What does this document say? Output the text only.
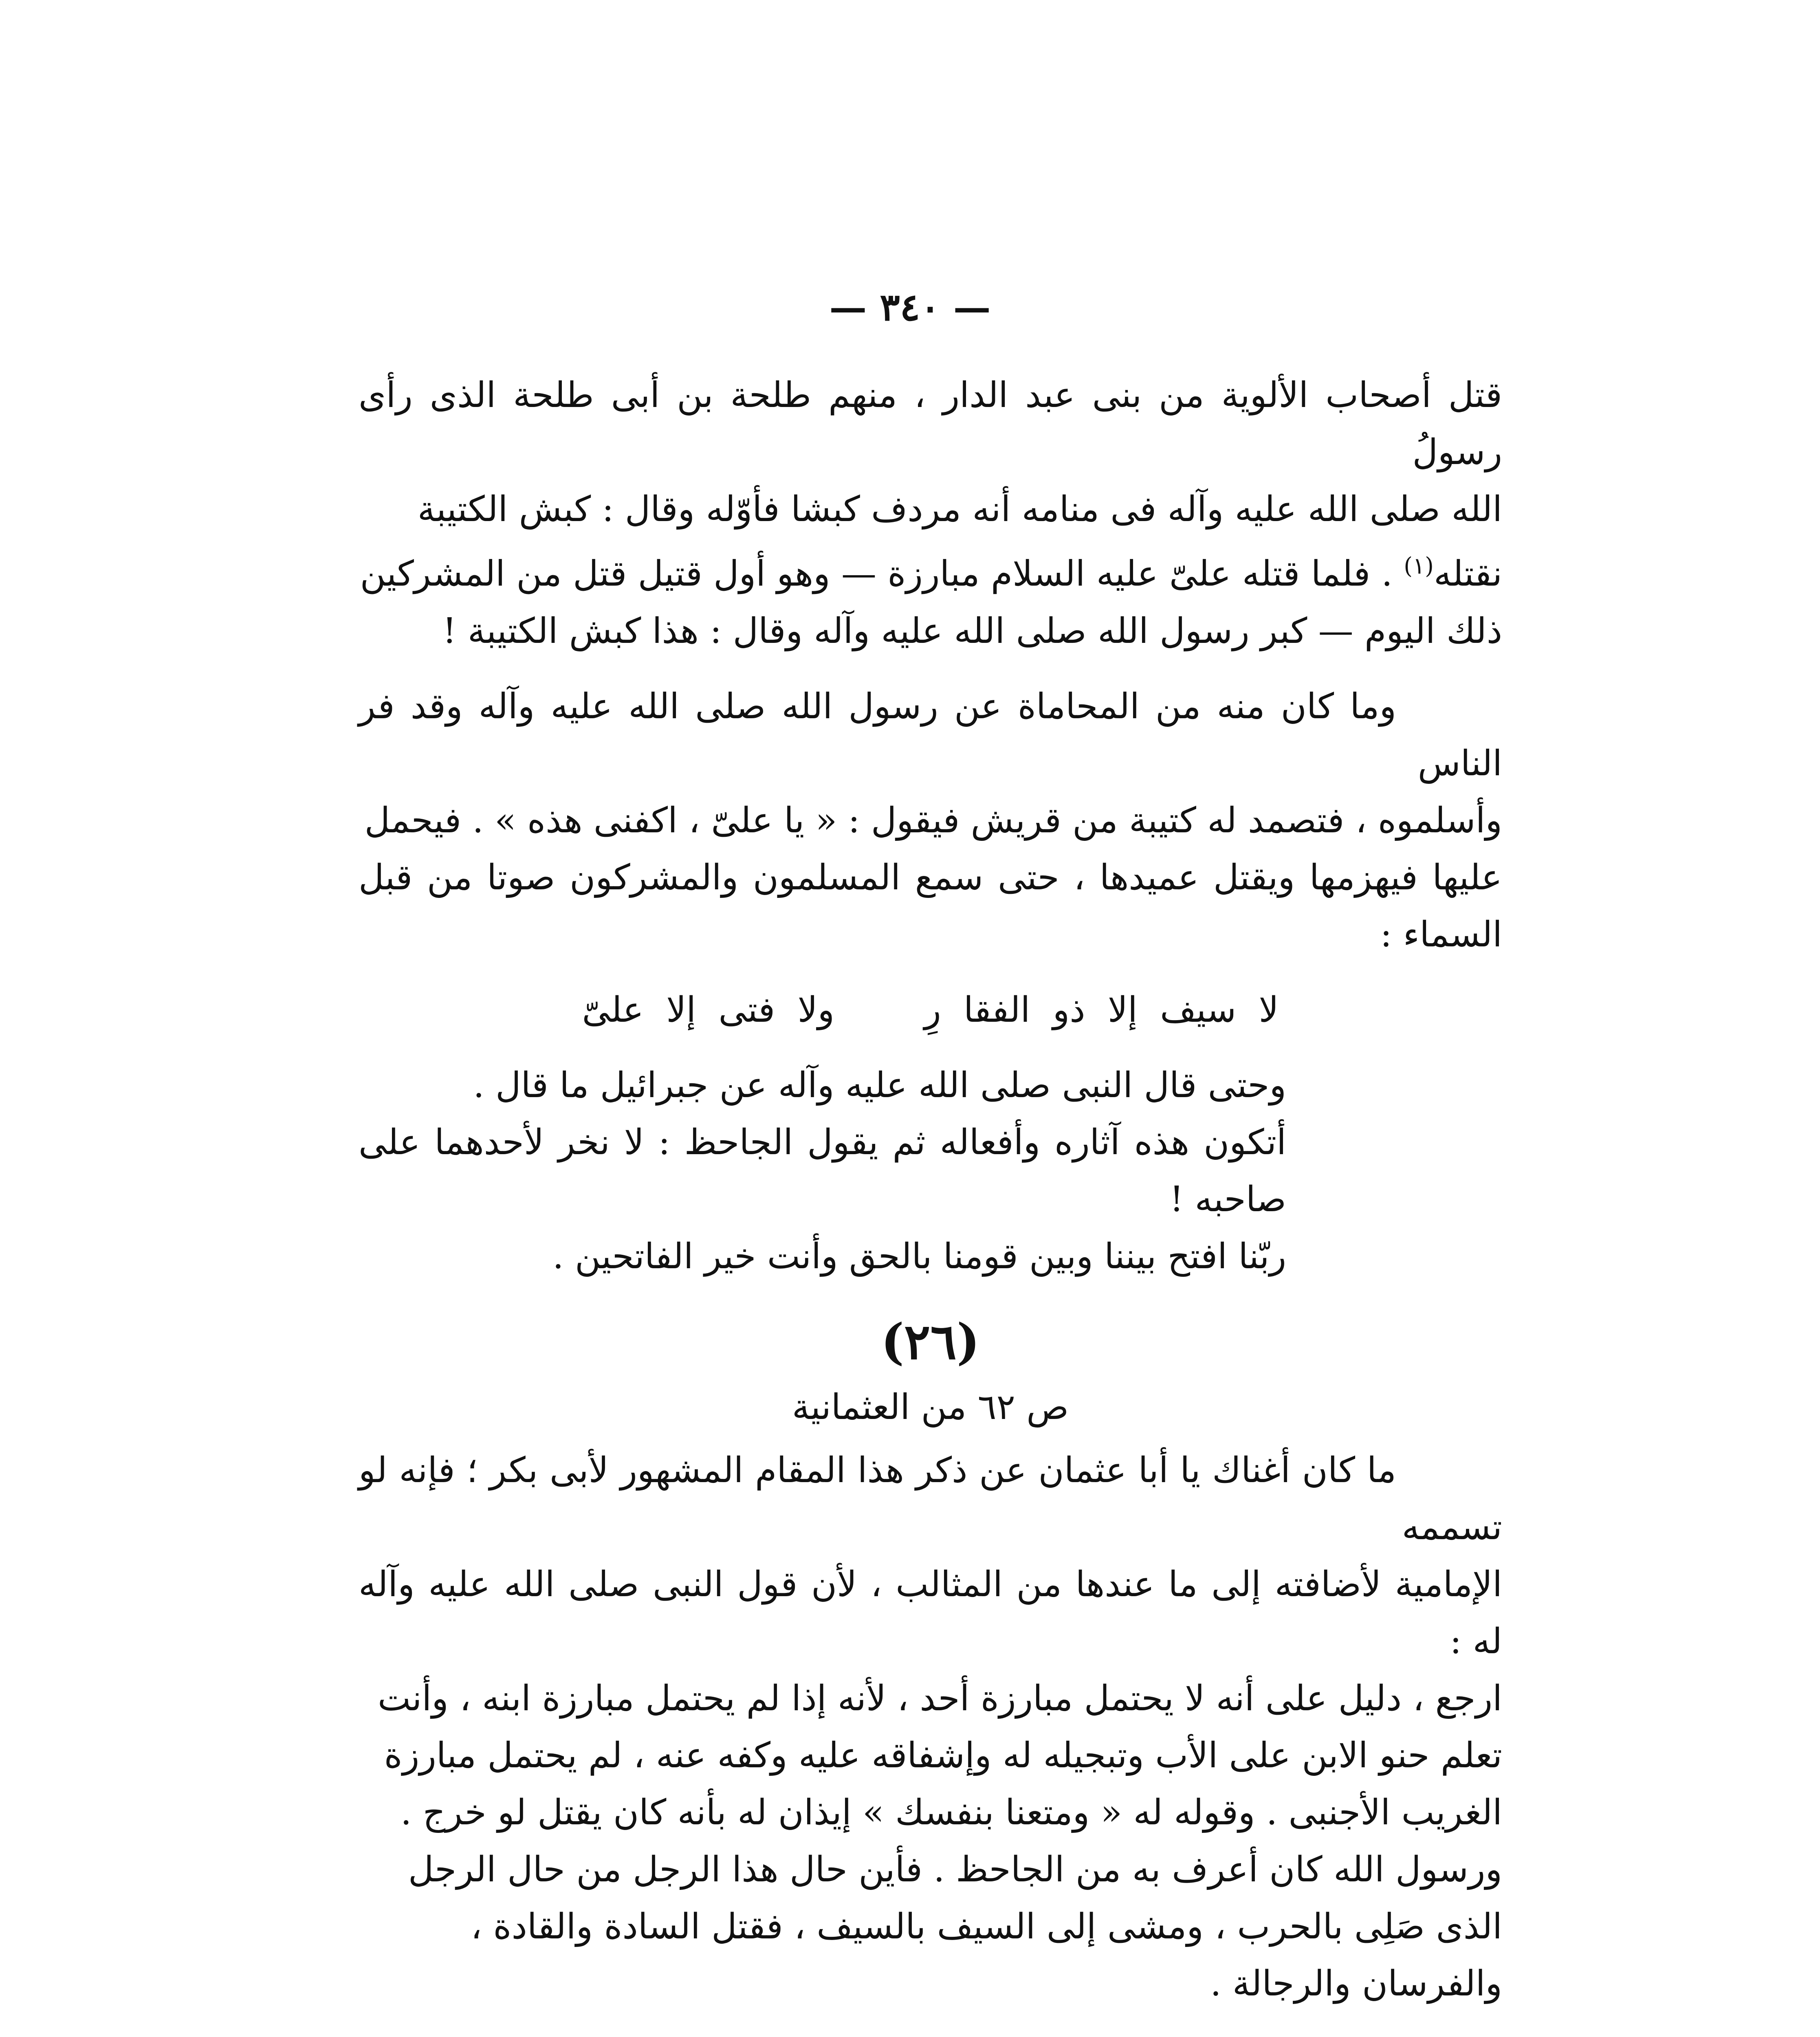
— ٣٤٠ —

قتل أصحاب الألوية من بنى عبد الدار ، منهم طلحة بن أبى طلحة الذى رأى رسولُ

الله صلى الله عليه وآله فى منامه أنه مردف كبشا فأوّله وقال : كبش الكتيبة

نقتله$^{(١)}$ . فلما قتله علىّ عليه السلام مبارزة — وهو أول قتيل قتل من المشركين

ذلك اليوم — كبر رسول الله صلى الله عليه وآله وقال : هذا كبش الكتيبة !

وما كان منه من المحاماة عن رسول الله صلى الله عليه وآله وقد فر الناس

وأسلموه ، فتصمد له كتيبة من قريش فيقول : « يا علىّ ، اكفنى هذه » . فيحمل

عليها فيهزمها ويقتل عميدها ، حتى سمع المسلمون والمشركون صوتا من قبل السماء :

لا سيف إلا ذو الفقا رِولا فتى إلا علىّ

وحتى قال النبى صلى الله عليه وآله عن جبرائيل ما قال .

أتكون هذه آثاره وأفعاله ثم يقول الجاحظ : لا نخر لأحدهما على صاحبه !

ربّنا افتح بيننا وبين قومنا بالحق وأنت خير الفاتحين .

(٢٦)

ص ٦٢ من العثمانية

ما كان أغناك يا أبا عثمان عن ذكر هذا المقام المشهور لأبى بكر ؛ فإنه لو تسممه

الإمامية لأضافته إلى ما عندها من المثالب ، لأن قول النبى صلى الله عليه وآله له :

ارجع ، دليل على أنه لا يحتمل مبارزة أحد ، لأنه إذا لم يحتمل مبارزة ابنه ، وأنت

تعلم حنو الابن على الأب وتبجيله له وإشفاقه عليه وكفه عنه ، لم يحتمل مبارزة

الغريب الأجنبى . وقوله له « ومتعنا بنفسك » إيذان له بأنه كان يقتل لو خرج .

ورسول الله كان أعرف به من الجاحظ . فأين حال هذا الرجل من حال الرجل

الذى صَلِى بالحرب ، ومشى إلى السيف بالسيف ، فقتل السادة والقادة ،

والفرسان والرجالة .
